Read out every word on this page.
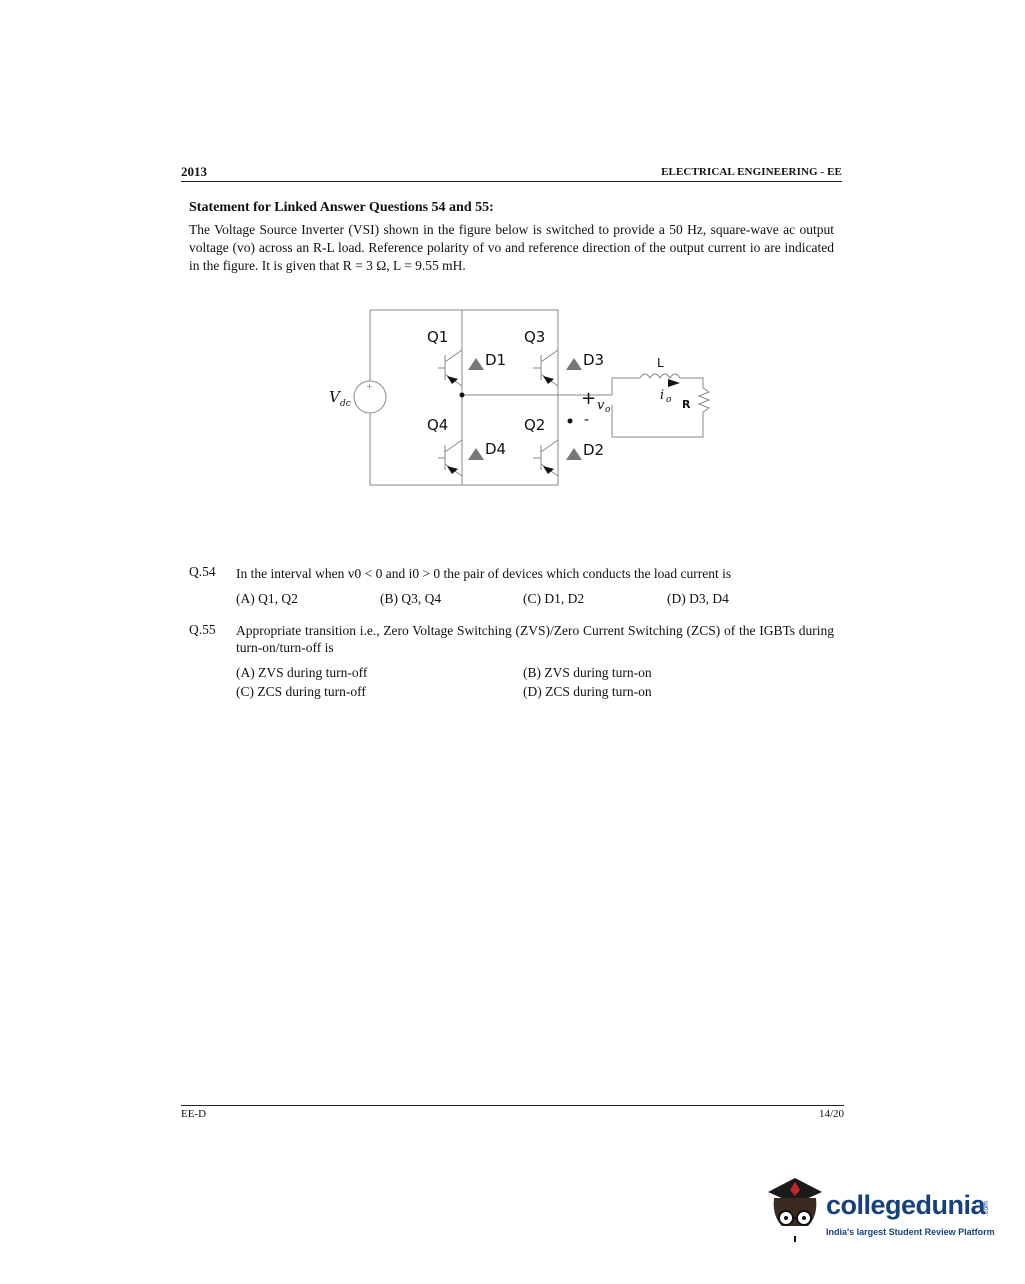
2013	ELECTRICAL ENGINEERING - EE
Statement for Linked Answer Questions 54 and 55:
The Voltage Source Inverter (VSI) shown in the figure below is switched to provide a 50 Hz, square-wave ac output voltage (vo) across an R-L load. Reference polarity of vo and reference direction of the output current io are indicated in the figure. It is given that R = 3 Ω, L = 9.55 mH.
+
Q1	Q3
D1	D3
Q4	Q2
D4	D2
L
R
i o
+ v o
-
V dc
Q.54 In the interval when v0 < 0 and i0 > 0 the pair of devices which conducts the load current is
(A) Q1, Q2	(B) Q3, Q4	(C) D1, D2	(D) D3, D4
Q.55 Appropriate transition i.e., Zero Voltage Switching (ZVS)/Zero Current Switching (ZCS) of the IGBTs during turn-on/turn-off is
(A) ZVS during turn-off	(B) ZVS during turn-on
(C) ZCS during turn-off	(D) ZCS during turn-on
EE-D	14/20
collegedunia
.com
India's largest Student Review Platform
